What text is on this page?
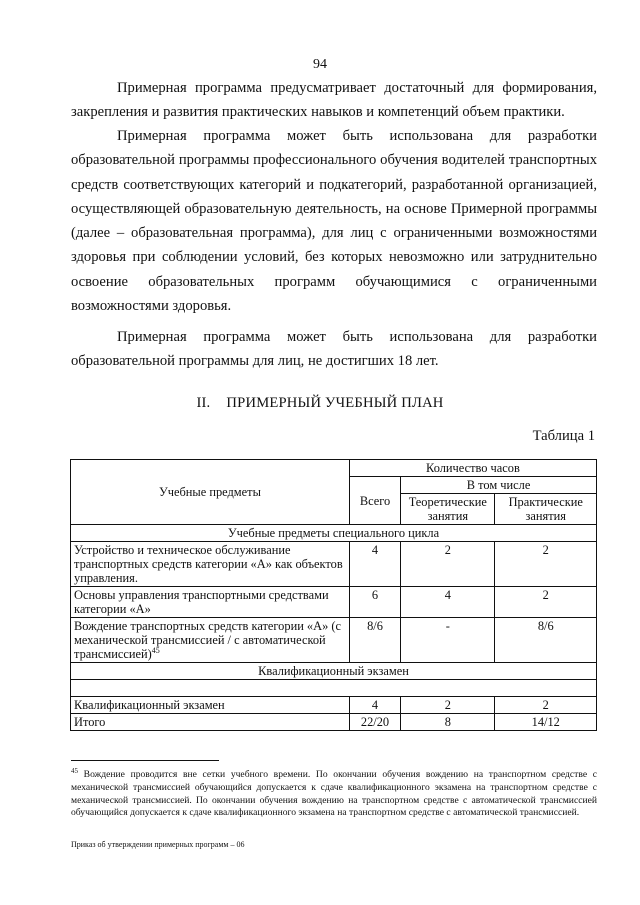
94

Примерная программа предусматривает достаточный для формирования, закрепления и развития практических навыков и компетенций объем практики.

Примерная программа может быть использована для разработки образовательной программы профессионального обучения водителей транспортных средств соответствующих категорий и подкатегорий, разработанной организацией, осуществляющей образовательную деятельность, на основе Примерной программы (далее – образовательная программа), для лиц с ограниченными возможностями здоровья при соблюдении условий, без которых невозможно или затруднительно освоение образовательных программ обучающимися с ограниченными возможностями здоровья.

Примерная программа может быть использована для разработки образовательной программы для лиц, не достигших 18 лет.

II. ПРИМЕРНЫЙ УЧЕБНЫЙ ПЛАН
Таблица 1
Учебные предметы	Количество часов		
	Всего	В том числе	
		Теоретические занятия	Практические занятия
Учебные предметы специального цикла			
Устройство и техническое обслуживание транспортных средств категории «А» как объектов управления.	4	2	2
Основы управления транспортными средствами категории «А»	6	4	2
Вождение транспортных средств категории «А» (с механической трансмиссией / с автоматической трансмиссией)$^{45}$	8/6	-	8/6
Квалификационный экзамен			

Квалификационный экзамен	4	2	2
Итого	22/20	8	14/12
$^{45}$ Вождение проводится вне сетки учебного времени. По окончании обучения вождению на транспортном средстве с механической трансмиссией обучающийся допускается к сдаче квалификационного экзамена на транспортном средстве с механической трансмиссией. По окончании обучения вождению на транспортном средстве с автоматической трансмиссией обучающийся допускается к сдаче квалификационного экзамена на транспортном средстве с автоматической трансмиссией.
Приказ об утверждении примерных программ – 06
